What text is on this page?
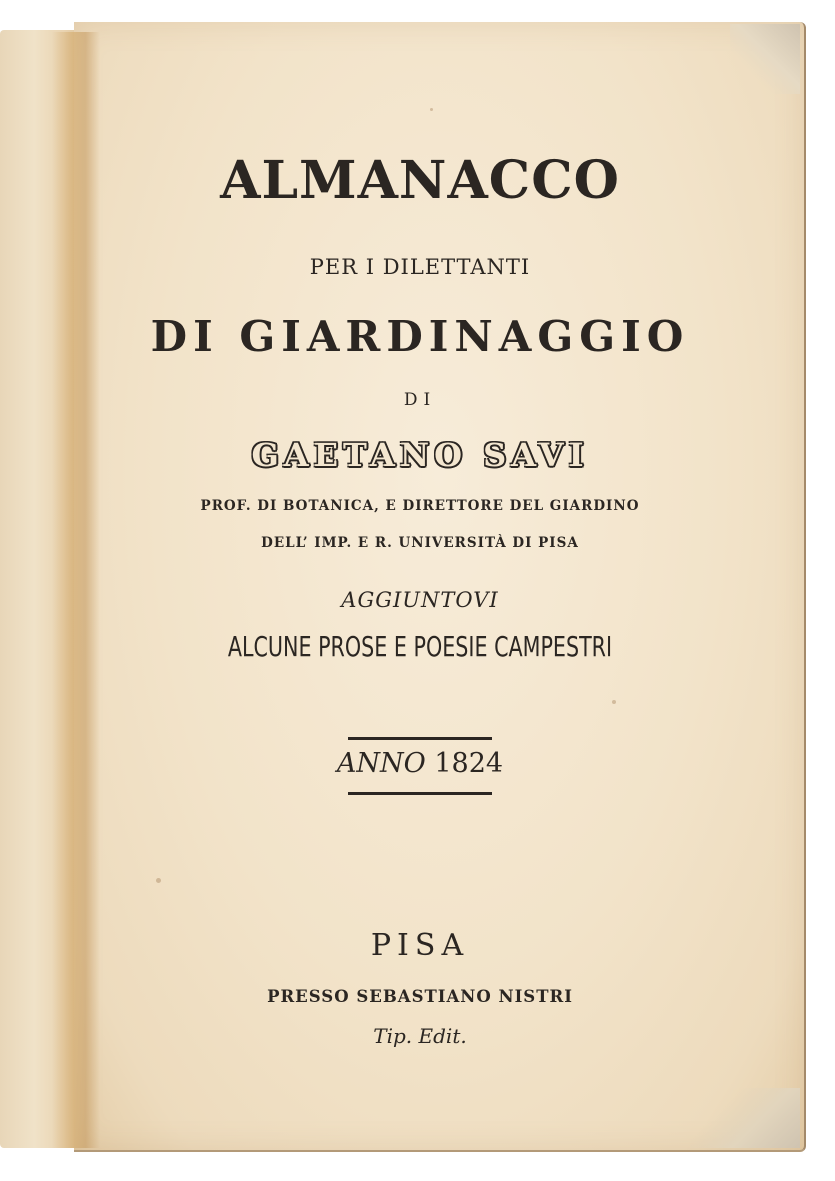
ALMANACCO
PER I DILETTANTI
DI GIARDINAGGIO
DI
GAETANO SAVI
PROF. DI BOTANICA, E DIRETTORE DEL GIARDINO
DELL’ IMP. E R. UNIVERSITÀ DI PISA
AGGIUNTOVI
ALCUNE PROSE E POESIE CAMPESTRI
ANNO 1824
PISA
PRESSO SEBASTIANO NISTRI
Tip. Edit.
